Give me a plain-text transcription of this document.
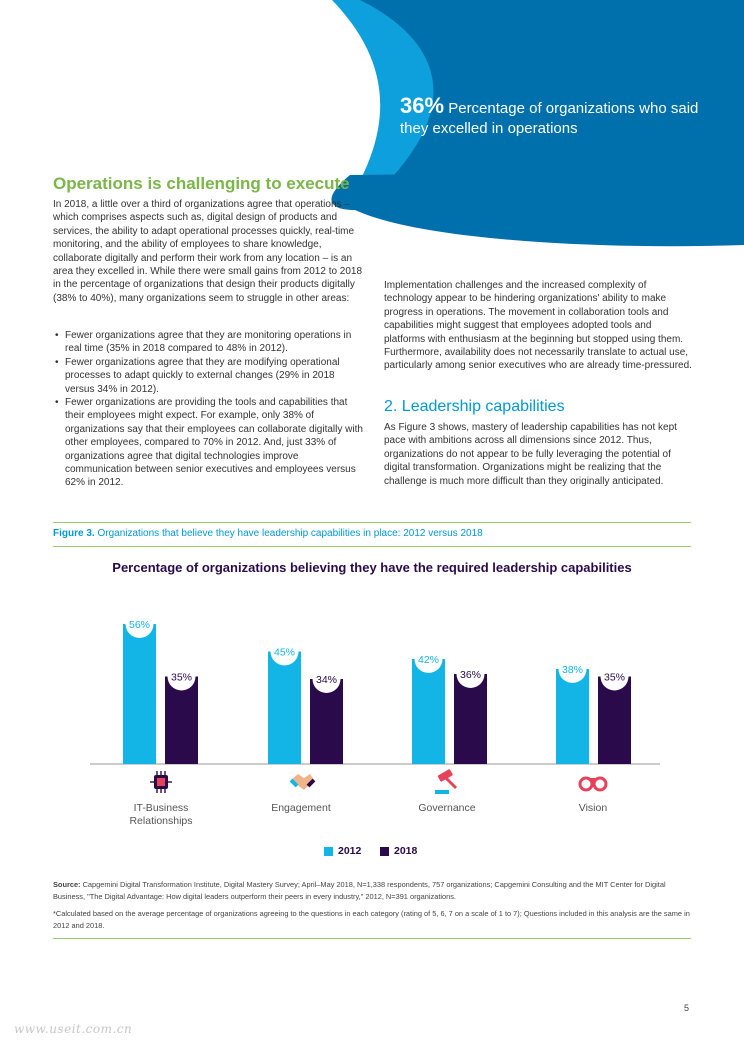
36% Percentage of organizations who said they excelled in operations
Operations is challenging to execute

In 2018, a little over a third of organizations agree that operations – which comprises aspects such as, digital design of products and services, the ability to adapt operational processes quickly, real-time monitoring, and the ability of employees to share knowledge, collaborate digitally and perform their work from any location – is an area they excelled in. While there were small gains from 2012 to 2018 in the percentage of organizations that design their products digitally (38% to 40%), many organizations seem to struggle in other areas:

• Fewer organizations agree that they are monitoring operations in real time (35% in 2018 compared to 48% in 2012).
• Fewer organizations agree that they are modifying operational processes to adapt quickly to external changes (29% in 2018 versus 34% in 2012).
• Fewer organizations are providing the tools and capabilities that their employees might expect. For example, only 38% of organizations say that their employees can collaborate digitally with other employees, compared to 70% in 2012. And, just 33% of organizations agree that digital technologies improve communication between senior executives and employees versus 62% in 2012.

Implementation challenges and the increased complexity of technology appear to be hindering organizations' ability to make progress in operations. The movement in collaboration tools and capabilities might suggest that employees adopted tools and platforms with enthusiasm at the beginning but stopped using them. Furthermore, availability does not necessarily translate to actual use, particularly among senior executives who are already time-pressured.

2. Leadership capabilities

As Figure 3 shows, mastery of leadership capabilities has not kept pace with ambitions across all dimensions since 2012. Thus, organizations do not appear to be fully leveraging the potential of digital transformation. Organizations might be realizing that the challenge is much more difficult than they originally anticipated.

Figure 3. Organizations that believe they have leadership capabilities in place: 2012 versus 2018
Percentage of organizations believing they have the required leadership capabilities
56%
45%
42%
38%
35%	34%	36%	35%
IT-Business Relationships
Engagement	Governance	Vision
2012	2018
Source: Capgemini Digital Transformation Institute, Digital Mastery Survey; April–May 2018, N=1,338 respondents, 757 organizations; Capgemini Consulting and the MIT Center for Digital Business, "The Digital Advantage: How digital leaders outperform their peers in every industry," 2012, N=391 organizations.
*Calculated based on the average percentage of organizations agreeing to the questions in each category (rating of 5, 6, 7 on a scale of 1 to 7); Questions included in this analysis are the same in 2012 and 2018.
5
www.useit.com.cn
